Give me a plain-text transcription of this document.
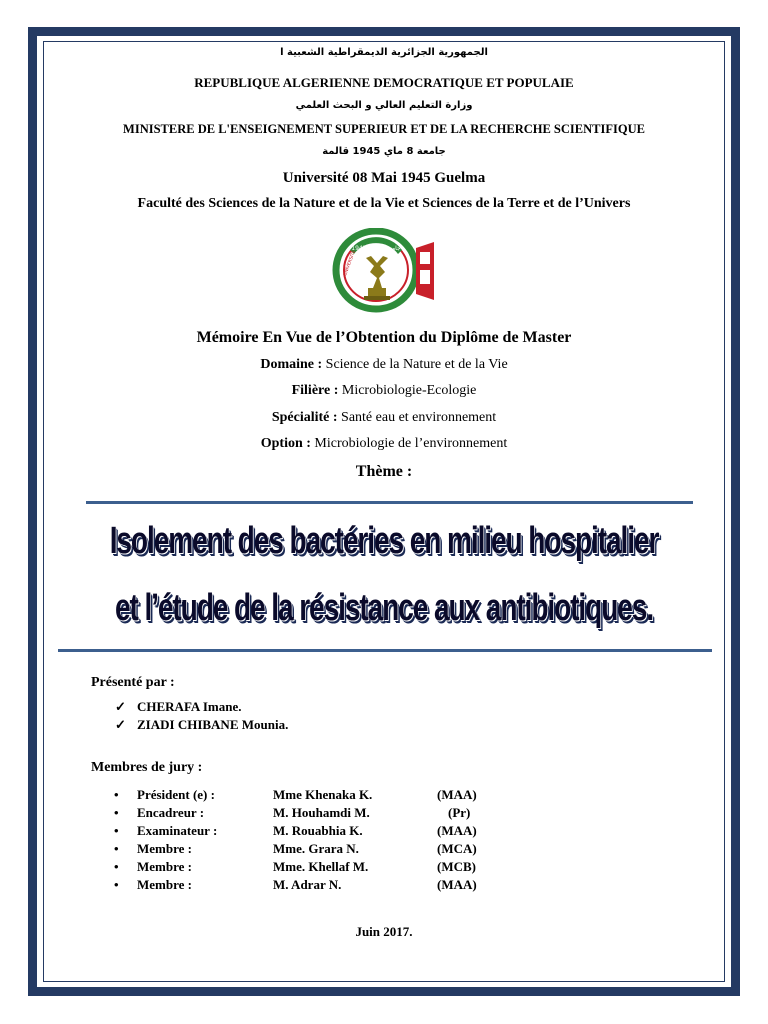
الجمهورية الجزائرية الديمقراطية الشعبية ا
REPUBLIQUE ALGERIENNE DEMOCRATIQUE ET POPULAIE
وزارة التعليم العالي و البحث العلمي
MINISTERE DE L'ENSEIGNEMENT SUPERIEUR ET DE LA RECHERCHE SCIENTIFIQUE
جامعة 8 ماي 1945 قالمة
Université 08 Mai 1945 Guelma
Faculté des Sciences de la Nature et de la Vie et Sciences de la Terre et de l’Univers
جامعة 8 ماي 1945
UNIVERSITE
Mémoire En Vue de l’Obtention du Diplôme de Master
Domaine : Science de la Nature et de la Vie
Filière : Microbiologie-Ecologie
Spécialité : Santé eau et environnement
Option : Microbiologie de l’environnement
Thème :
Isolement des bactéries en milieu hospitalier
et l’étude de la résistance aux antibiotiques.
Présenté par :
✓ CHERAFA Imane.
✓ ZIADI CHIBANE Mounia.
Membres de jury :
• Président (e) :	Mme Khenaka K.	(MAA)
• Encadreur :	M. Houhamdi M.	(Pr)
• Examinateur :	M. Rouabhia K.	(MAA)
• Membre :	Mme. Grara N.	(MCA)
• Membre :	Mme. Khellaf M.	(MCB)
• Membre :	M. Adrar N.	(MAA)
Juin 2017.
